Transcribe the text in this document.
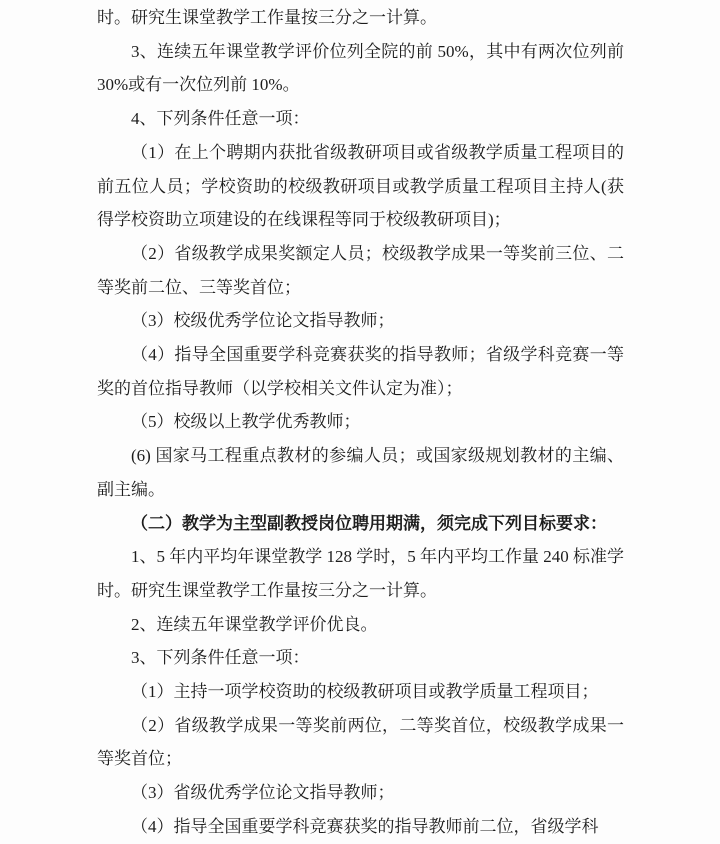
时。研究生课堂教学工作量按三分之一计算。

3、连续五年课堂教学评价位列全院的前 50%，其中有两次位列前30%或有一次位列前 10%。

4、下列条件任意一项：

（1）在上个聘期内获批省级教研项目或省级教学质量工程项目的前五位人员；学校资助的校级教研项目或教学质量工程项目主持人(获得学校资助立项建设的在线课程等同于校级教研项目)；

（2）省级教学成果奖额定人员；校级教学成果一等奖前三位、二等奖前二位、三等奖首位；

（3）校级优秀学位论文指导教师；

（4）指导全国重要学科竞赛获奖的指导教师；省级学科竞赛一等奖的首位指导教师（以学校相关文件认定为准）；

（5）校级以上教学优秀教师；

(6) 国家马工程重点教材的参编人员；或国家级规划教材的主编、副主编。

（二）教学为主型副教授岗位聘用期满，须完成下列目标要求：

1、5 年内平均年课堂教学 128 学时，5 年内平均工作量 240 标准学时。研究生课堂教学工作量按三分之一计算。

2、连续五年课堂教学评价优良。

3、下列条件任意一项：

（1）主持一项学校资助的校级教研项目或教学质量工程项目；

（2）省级教学成果一等奖前两位，二等奖首位，校级教学成果一等奖首位；

（3）省级优秀学位论文指导教师；

（4）指导全国重要学科竞赛获奖的指导教师前二位，省级学科
